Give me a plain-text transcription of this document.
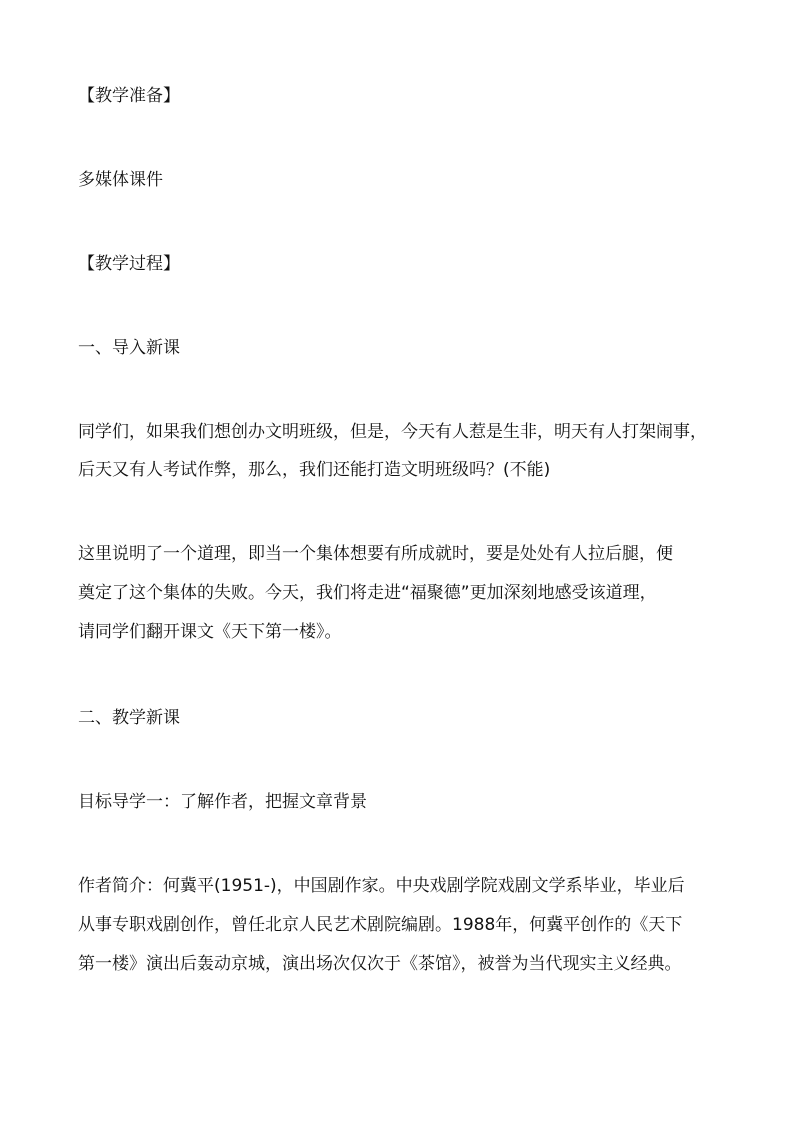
【教学准备】
多媒体课件
【教学过程】
一、导入新课
同学们，如果我们想创办文明班级，但是，今天有人惹是生非，明天有人打架闹事，
后天又有人考试作弊，那么，我们还能打造文明班级吗？(不能)
这里说明了一个道理，即当一个集体想要有所成就时，要是处处有人拉后腿，便
奠定了这个集体的失败。今天，我们将走进“福聚德”更加深刻地感受该道理，
请同学们翻开课文《天下第一楼》。
二、教学新课
目标导学一：了解作者，把握文章背景
作者简介：何冀平(1951-)，中国剧作家。中央戏剧学院戏剧文学系毕业，毕业后
从事专职戏剧创作，曾任北京人民艺术剧院编剧。1988年，何冀平创作的《天下
第一楼》演出后轰动京城，演出场次仅次于《茶馆》，被誉为当代现实主义经典。
